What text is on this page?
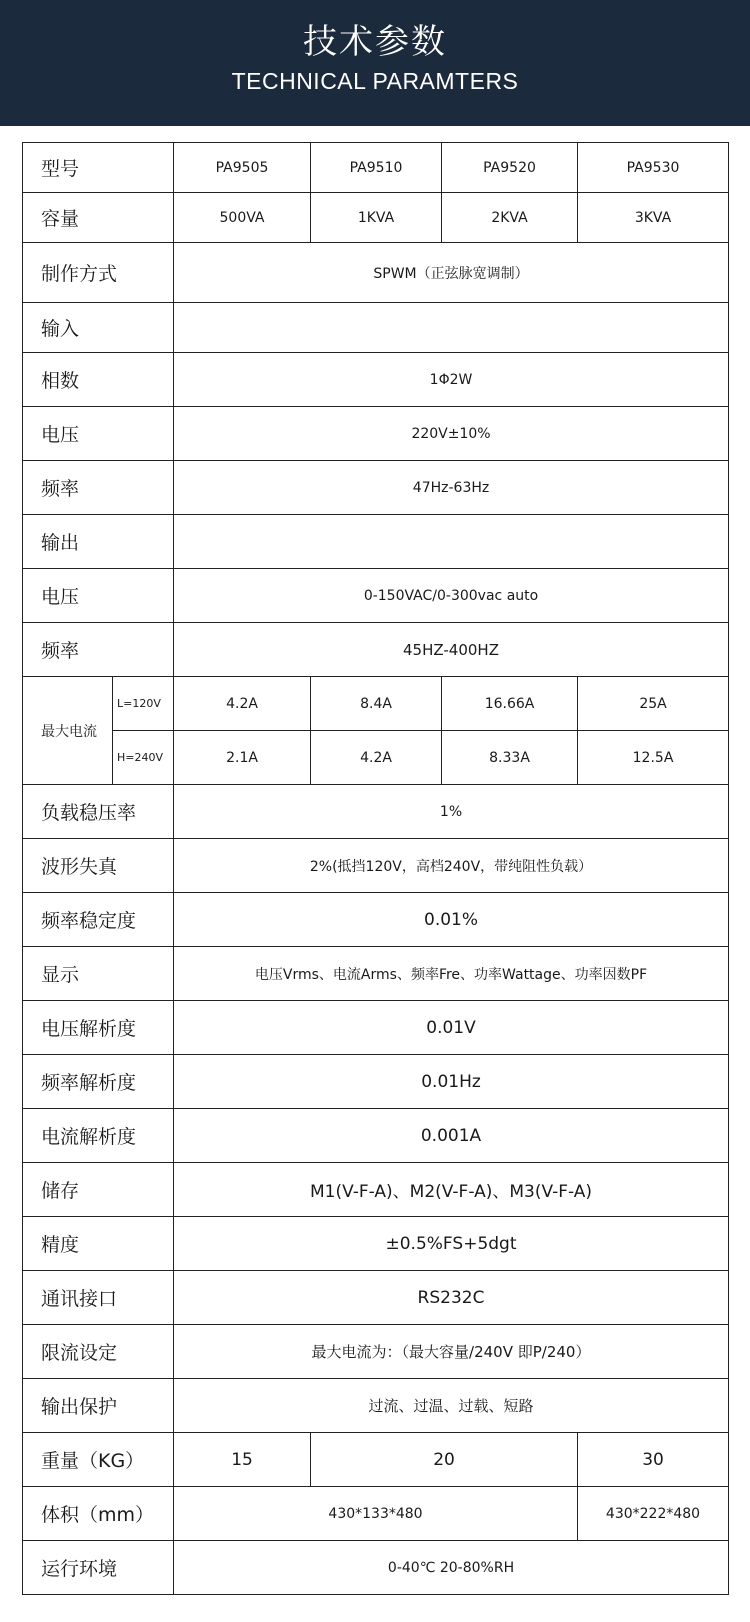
技术参数
TECHNICAL PARAMTERS
型号		PA9505	PA9510	PA9520	PA9530
容量		500VA	1KVA	2KVA	3KVA
制作方式		SPWM（正弦脉宽调制）			
输入					
相数		1Φ2W			
电压		220V±10%			
频率		47Hz-63Hz			
输出					
电压		0-150VAC/0-300vac auto			
频率		45HZ-400HZ			
最大电流	L=120V	4.2A	8.4A	16.66A	25A
	H=240V	2.1A	4.2A	8.33A	12.5A
负载稳压率		1%			
波形失真		2%(抵挡120V，高档240V，带纯阻性负载）			
频率稳定度		0.01%			
显示		电压Vrms、电流Arms、频率Fre、功率Wattage、功率因数PF			
电压解析度		0.01V			
频率解析度		0.01Hz			
电流解析度		0.001A			
储存		M1(V-F-A)、M2(V-F-A)、M3(V-F-A)			
精度		±0.5%FS+5dgt			
通讯接口		RS232C			
限流设定		最大电流为：（最大容量/240V 即P/240）			
输出保护		过流、过温、过载、短路			
重量（KG）		15	20		30
体积（mm）		430*133*480			430*222*480
运行环境		0-40℃ 20-80%RH			
